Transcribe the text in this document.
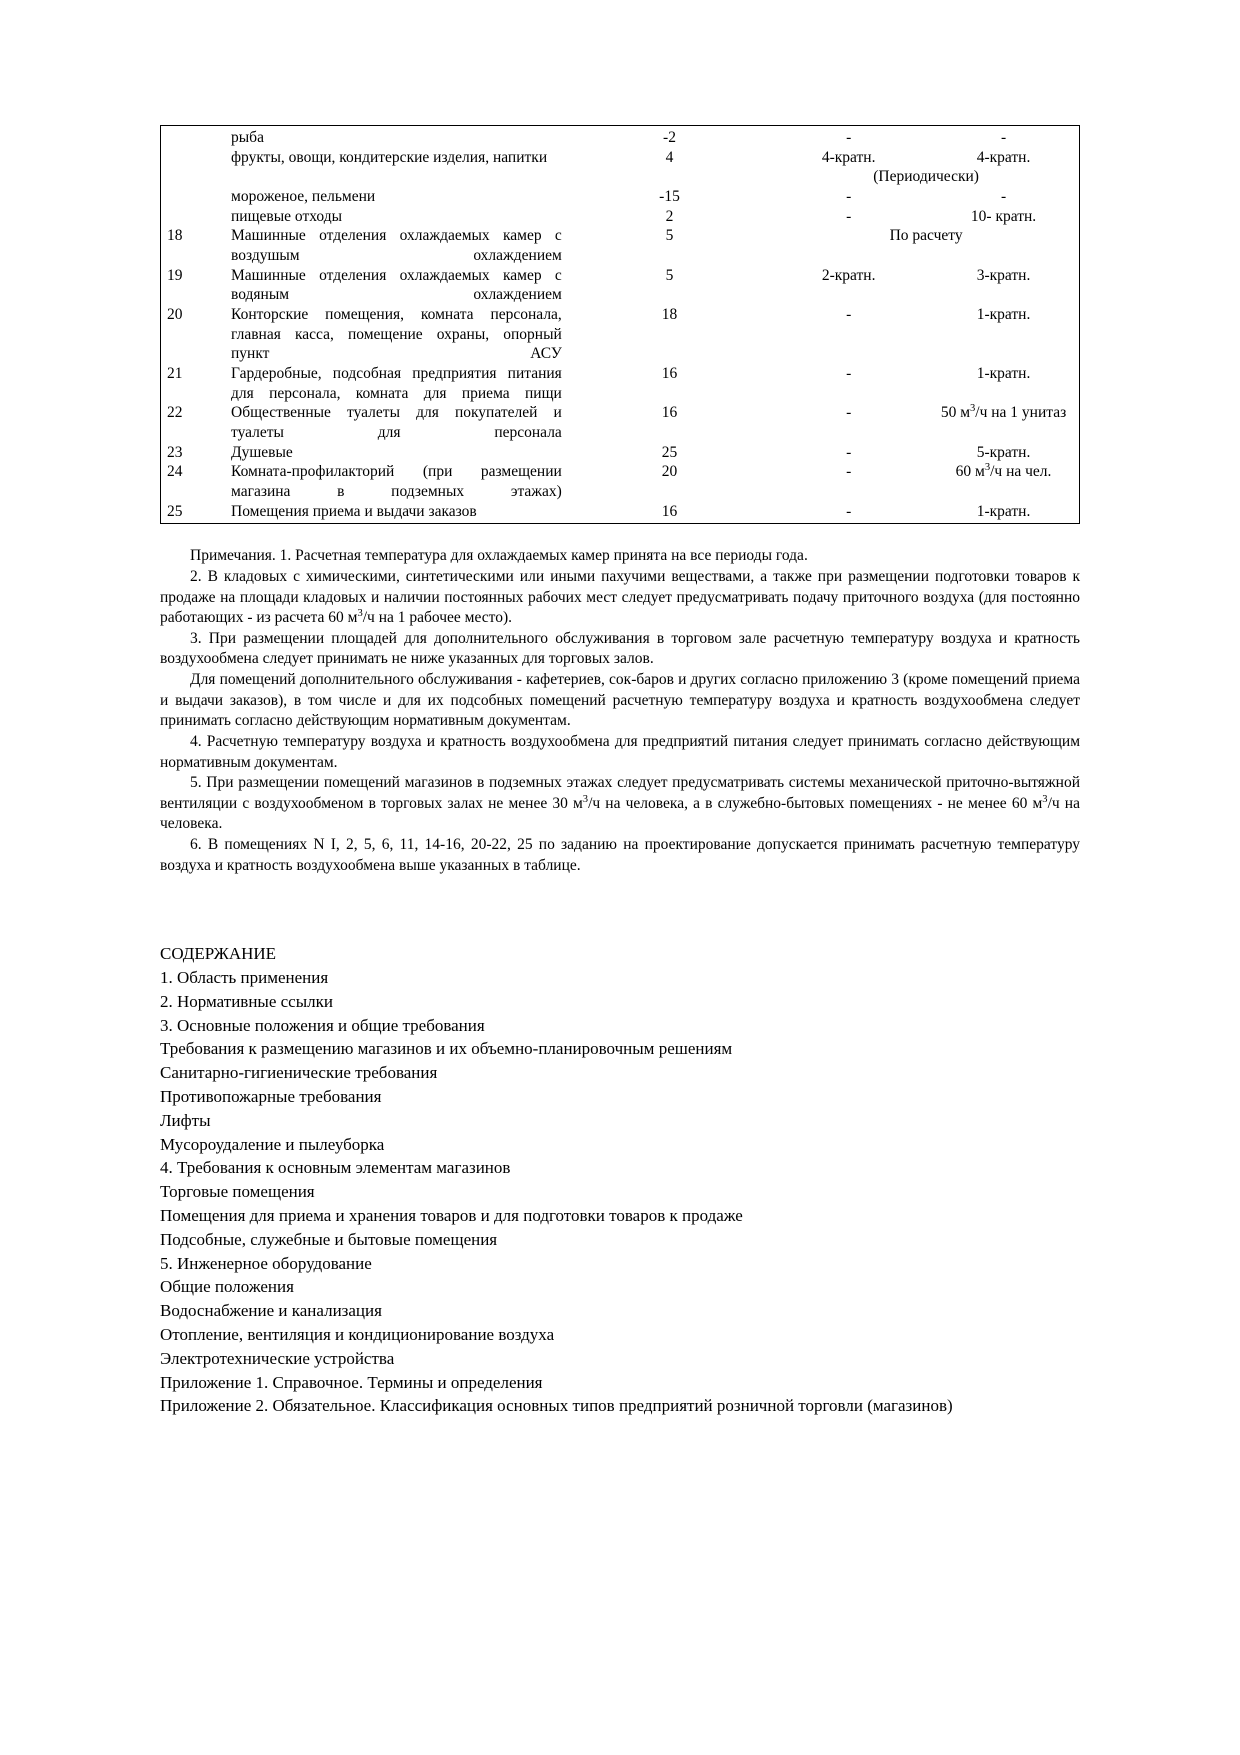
	рыба	-2	-	-
	фрукты, овощи, кондитерские изделия, напитки	4	4-кратн.	4-кратн.
			(Периодически)	
	мороженое, пельмени	-15	-	-
	пищевые отходы	2	-	10- кратн.
18	Машинные отделения охлаждаемых камер с воздушым охлаждением	5	По расчету	
19	Машинные отделения охлаждаемых камер с водяным охлаждением	5	2-кратн.	3-кратн.
20	Конторские помещения, комната персонала, главная касса, помещение охраны, опорный пункт АСУ	18	-	1-кратн.
21	Гардеробные, подсобная предприятия питания для персонала, комната для приема пищи	16	-	1-кратн.
22	Общественные туалеты для покупателей и туалеты для персонала	16	-	50 $м^3/ч$ на 1 унитаз
23	Душевые	25	-	5-кратн.
24	Комната-профилакторий (при размещении магазина в подземных этажах)	20	-	60 $м^3/ч$ на чел.
25	Помещения приема и выдачи заказов	16	-	1-кратн.

Примечания. 1. Расчетная температура для охлаждаемых камер принята на все периоды года.

2. В кладовых с химическими, синтетическими или иными пахучими веществами, а также при размещении подготовки товаров к продаже на площади кладовых и наличии постоянных рабочих мест следует предусматривать подачу приточного воздуха (для постоянно работающих - из расчета 60 $м^3/ч$ на 1 рабочее место).

3. При размещении площадей для дополнительного обслуживания в торговом зале расчетную температуру воздуха и кратность воздухообмена следует принимать не ниже указанных для торговых залов.

Для помещений дополнительного обслуживания - кафетериев, сок-баров и других согласно приложению 3 (кроме помещений приема и выдачи заказов), в том числе и для их подсобных помещений расчетную температуру воздуха и кратность воздухообмена следует принимать согласно действующим нормативным документам.

4. Расчетную температуру воздуха и кратность воздухообмена для предприятий питания следует принимать согласно действующим нормативным документам.

5. При размещении помещений магазинов в подземных этажах следует предусматривать системы механической приточно-вытяжной вентиляции с воздухообменом в торговых залах не менее 30 $м^3/ч$ на человека, а в служебно-бытовых помещениях - не менее 60 $м^3/ч$ на человека.

6. В помещениях N I, 2, 5, 6, 11, 14-16, 20-22, 25 по заданию на проектирование допускается принимать расчетную температуру воздуха и кратность воздухообмена выше указанных в таблице.

СОДЕРЖАНИЕ
1. Область применения
2. Нормативные ссылки
3. Основные положения и общие требования
Требования к размещению магазинов и их объемно-планировочным решениям
Санитарно-гигиенические требования
Противопожарные требования
Лифты
Мусороудаление и пылеуборка
4. Требования к основным элементам магазинов
Торговые помещения
Помещения для приема и хранения товаров и для подготовки товаров к продаже
Подсобные, служебные и бытовые помещения
5. Инженерное оборудование
Общие положения
Водоснабжение и канализация
Отопление, вентиляция и кондиционирование воздуха
Электротехнические устройства
Приложение 1. Справочное. Термины и определения
Приложение 2. Обязательное. Классификация основных типов предприятий розничной торговли (магазинов)
